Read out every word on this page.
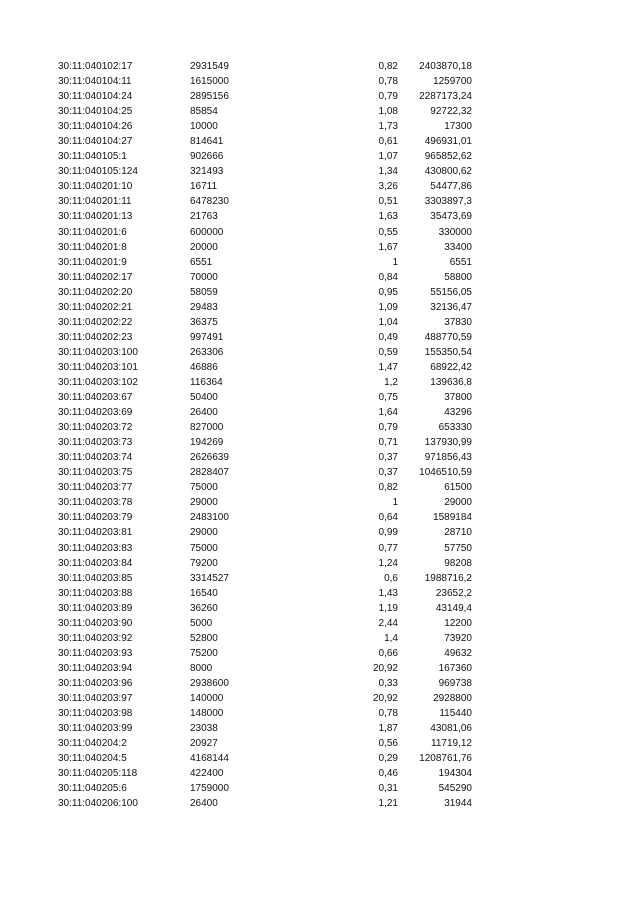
30:11:040102:17	2931549	0,82 2403870,18
30:11:040104:11	1615000	0,78	1259700
30:11:040104:24	2895156	0,79 2287173,24
30:11:040104:25	85854	1,08	92722,32
30:11:040104:26	10000	1,73	17300
30:11:040104:27	814641	0,61	496931,01
30:11:040105:1	902666	1,07	965852,62
30:11:040105:124	321493	1,34	430800,62
30:11:040201:10	16711	3,26	54477,86
30:11:040201:11	6478230	0,51	3303897,3
30:11:040201:13	21763	1,63	35473,69
30:11:040201:6	600000	0,55	330000
30:11:040201:8	20000	1,67	33400
30:11:040201:9	6551	1	6551
30:11:040202:17	70000	0,84	58800
30:11:040202:20	58059	0,95	55156,05
30:11:040202:21	29483	1,09	32136,47
30:11:040202:22	36375	1,04	37830
30:11:040202:23	997491	0,49	488770,59
30:11:040203:100	263306	0,59	155350,54
30:11:040203:101	46886	1,47	68922,42
30:11:040203:102	116364	1,2	139636,8
30:11:040203:67	50400	0,75	37800
30:11:040203:69	26400	1,64	43296
30:11:040203:72	827000	0,79	653330
30:11:040203:73	194269	0,71	137930,99
30:11:040203:74	2626639	0,37	971856,43
30:11:040203:75	2828407	0,37 1046510,59
30:11:040203:77	75000	0,82	61500
30:11:040203:78	29000	1	29000
30:11:040203:79	2483100	0,64	1589184
30:11:040203:81	29000	0,99	28710
30:11:040203:83	75000	0,77	57750
30:11:040203:84	79200	1,24	98208
30:11:040203:85	3314527	0,6	1988716,2
30:11:040203:88	16540	1,43	23652,2
30:11:040203:89	36260	1,19	43149,4
30:11:040203:90	5000	2,44	12200
30:11:040203:92	52800	1,4	73920
30:11:040203:93	75200	0,66	49632
30:11:040203:94	8000	20,92	167360
30:11:040203:96	2938600	0,33	969738
30:11:040203:97	140000	20,92	2928800
30:11:040203:98	148000	0,78	115440
30:11:040203:99	23038	1,87	43081,06
30:11:040204:2	20927	0,56	11719,12
30:11:040204:5	4168144	0,29 1208761,76
30:11:040205:118	422400	0,46	194304
30:11:040205:6	1759000	0,31	545290
30:11:040206:100	26400	1,21	31944
